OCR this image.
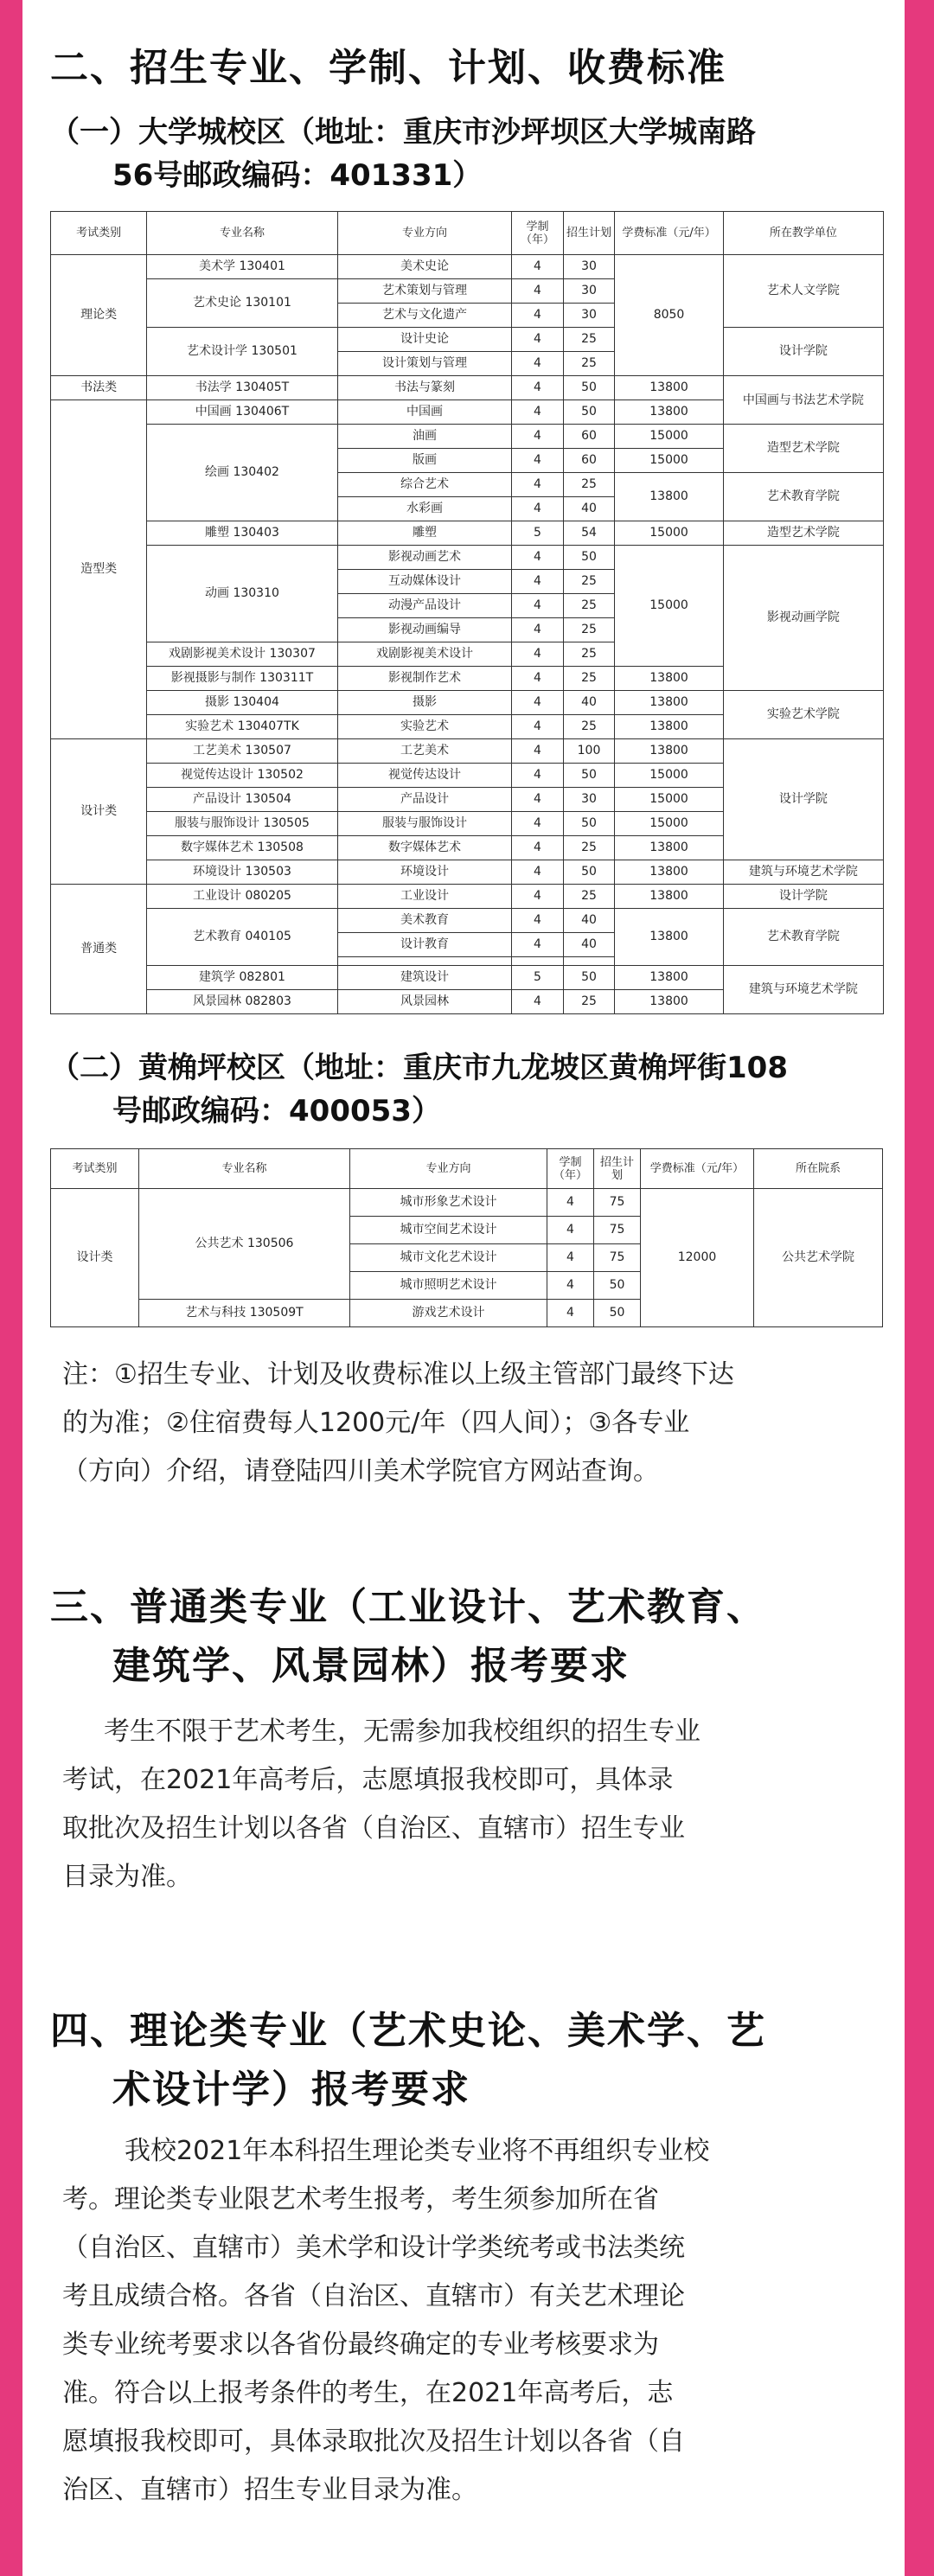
二、招生专业、学制、计划、收费标准
（一）大学城校区（地址：重庆市沙坪坝区大学城南路
56号邮政编码：401331）
考试类别	专业名称	专业方向	学制（年）	招生计划	学费标准（元/年）	所在教学单位
理论类	美术学 130401	美术史论	4	30	8050	艺术人文学院
	艺术史论 130101	艺术策划与管理	4	30		
		艺术与文化遗产	4	30		
	艺术设计学 130501	设计史论	4	25		设计学院
		设计策划与管理	4	25		
书法类	书法学 130405T	书法与篆刻	4	50	13800	中国画与书法艺术学院
造型类	中国画 130406T	中国画	4	50	13800	
	绘画 130402	油画	4	60	15000	造型艺术学院
		版画	4	60	15000	
		综合艺术	4	25	13800	艺术教育学院
		水彩画	4	40		
	雕塑 130403	雕塑	5	54	15000	造型艺术学院
	动画 130310	影视动画艺术	4	50	15000	影视动画学院
		互动媒体设计	4	25		
		动漫产品设计	4	25		
		影视动画编导	4	25		
	戏剧影视美术设计 130307	戏剧影视美术设计	4	25		
	影视摄影与制作 130311T	影视制作艺术	4	25	13800	
	摄影 130404	摄影	4	40	13800	实验艺术学院
	实验艺术 130407TK	实验艺术	4	25	13800	
设计类	工艺美术 130507	工艺美术	4	100	13800	设计学院
	视觉传达设计 130502	视觉传达设计	4	50	15000	
	产品设计 130504	产品设计	4	30	15000	
	服装与服饰设计 130505	服装与服饰设计	4	50	15000	
	数字媒体艺术 130508	数字媒体艺术	4	25	13800	
	环境设计 130503	环境设计	4	50	13800	建筑与环境艺术学院
普通类	工业设计 080205	工业设计	4	25	13800	设计学院
	艺术教育 040105	美术教育	4	40	13800	艺术教育学院
		设计教育	4	40		

	建筑学 082801	建筑设计	5	50	13800	建筑与环境艺术学院
	风景园林 082803	风景园林	4	25	13800	
（二）黄桷坪校区（地址：重庆市九龙坡区黄桷坪街108
号邮政编码：400053）
考试类别	专业名称	专业方向	学制（年）	招生计划	学费标准（元/年）	所在院系
设计类	公共艺术 130506	城市形象艺术设计	4	75	12000	公共艺术学院
		城市空间艺术设计	4	75		
		城市文化艺术设计	4	75		
		城市照明艺术设计	4	50		
	艺术与科技 130509T	游戏艺术设计	4	50		
注：①招生专业、计划及收费标准以上级主管部门最终下达
的为准；②住宿费每人1200元/年（四人间）；③各专业
（方向）介绍，请登陆四川美术学院官方网站查询。
三、普通类专业（工业设计、艺术教育、
建筑学、风景园林）报考要求
考生不限于艺术考生，无需参加我校组织的招生专业
考试，在2021年高考后，志愿填报我校即可，具体录
取批次及招生计划以各省（自治区、直辖市）招生专业
目录为准。
四、理论类专业（艺术史论、美术学、艺
术设计学）报考要求
我校2021年本科招生理论类专业将不再组织专业校
考。理论类专业限艺术考生报考，考生须参加所在省
（自治区、直辖市）美术学和设计学类统考或书法类统
考且成绩合格。各省（自治区、直辖市）有关艺术理论
类专业统考要求以各省份最终确定的专业考核要求为
准。符合以上报考条件的考生，在2021年高考后，志
愿填报我校即可，具体录取批次及招生计划以各省（自
治区、直辖市）招生专业目录为准。
